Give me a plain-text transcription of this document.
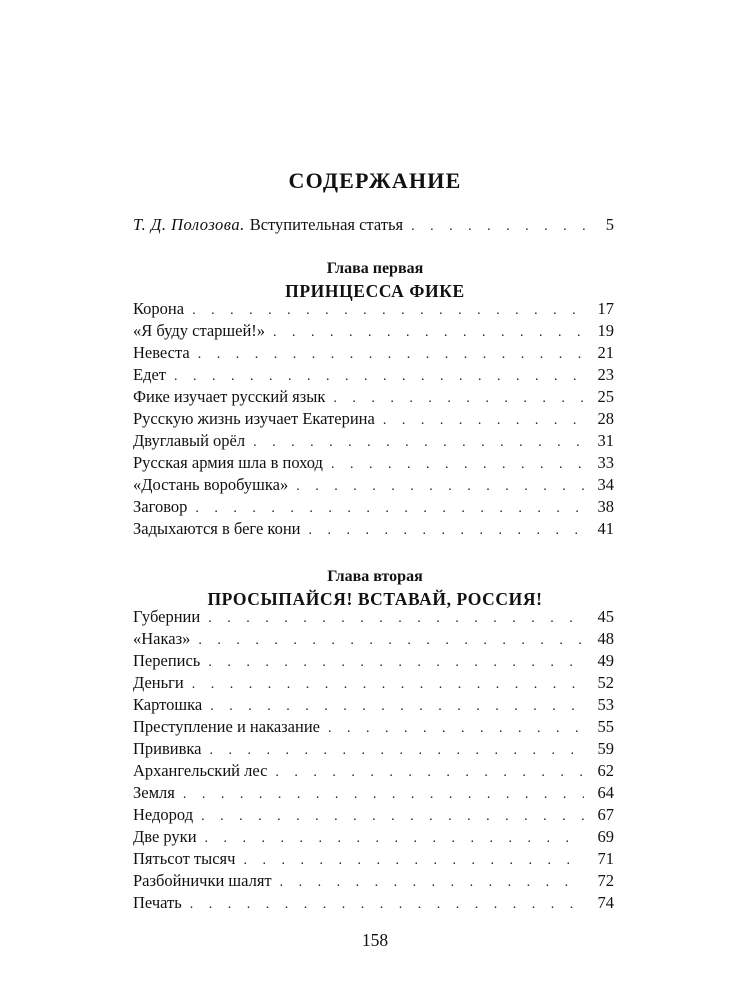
СОДЕРЖАНИЕ
Т. Д. Полозова. Вступительная статья . . .	5
Глава первая
ПРИНЦЕССА ФИКЕ
Корона . . .	17
«Я буду старшей!» . . .	19
Невеста . . .	21
Едет . . .	23
Фике изучает русский язык . . .	25
Русскую жизнь изучает Екатерина . . .	28
Двуглавый орёл . . .	31
Русская армия шла в поход . . .	33
«Достань воробушка» . . .	34
Заговор . . .	38
Задыхаются в беге кони . . .	41
Глава вторая
ПРОСЫПАЙСЯ! ВСТАВАЙ, РОССИЯ!
Губернии . . .	45
«Наказ» . . .	48
Перепись . . .	49
Деньги . . .	52
Картошка . . .	53
Преступление и наказание . . .	55
Прививка . . .	59
Архангельский лес . . .	62
Земля . . .	64
Недород . . .	67
Две руки . . .	69
Пятьсот тысяч . . .	71
Разбойнички шалят . . .	72
Печать . . .	74
158
